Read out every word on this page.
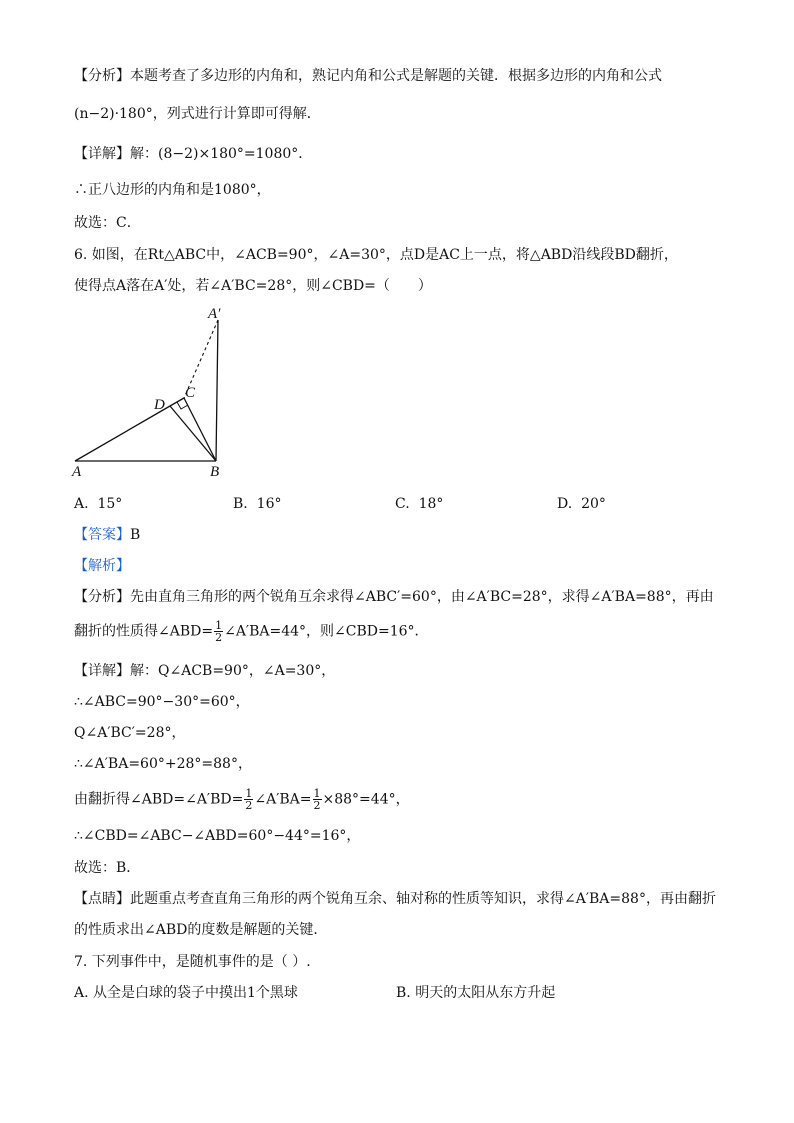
【分析】本题考查了多边形的内角和，熟记内角和公式是解题的关键．根据多边形的内角和公式
(n−2)·180°，列式进行计算即可得解．
【详解】解：(8−2)×180°=1080°．
∴正八边形的内角和是1080°，
故选：C．
6. 如图，在Rt△ABC中，∠ACB=90°，∠A=30°，点D是AC上一点，将△ABD沿线段BD翻折，
使得点A落在A′处，若∠A′BC=28°，则∠CBD=（　　）
A′
C
D
A	B
A. 15°	B. 16°	C. 18°	D. 20°
【答案】B
【解析】
【分析】先由直角三角形的两个锐角互余求得∠ABC′=60°，由∠A′BC=28°，求得∠A′BA=88°，再由
翻折的性质得∠ABD= $\frac{1}{2}$ ∠A′BA=44°，则∠CBD=16°．
【详解】解：Q∠ACB=90°，∠A=30°，
∴∠ABC=90°−30°=60°，
Q∠A′BC′=28°，
∴∠A′BA=60°+28°=88°，
由翻折得∠ABD=∠A′BD= $\frac{1}{2}$ ∠A′BA= $\frac{1}{2} \times 88^\circ=44^\circ$，
∴∠CBD=∠ABC−∠ABD=60°−44°=16°，
故选：B．
【点睛】此题重点考查直角三角形的两个锐角互余、轴对称的性质等知识，求得∠A′BA=88°，再由翻折
的性质求出∠ABD的度数是解题的关键．
7. 下列事件中，是随机事件的是（ ）.
A. 从全是白球的袋子中摸出1个黑球	B. 明天的太阳从东方升起
